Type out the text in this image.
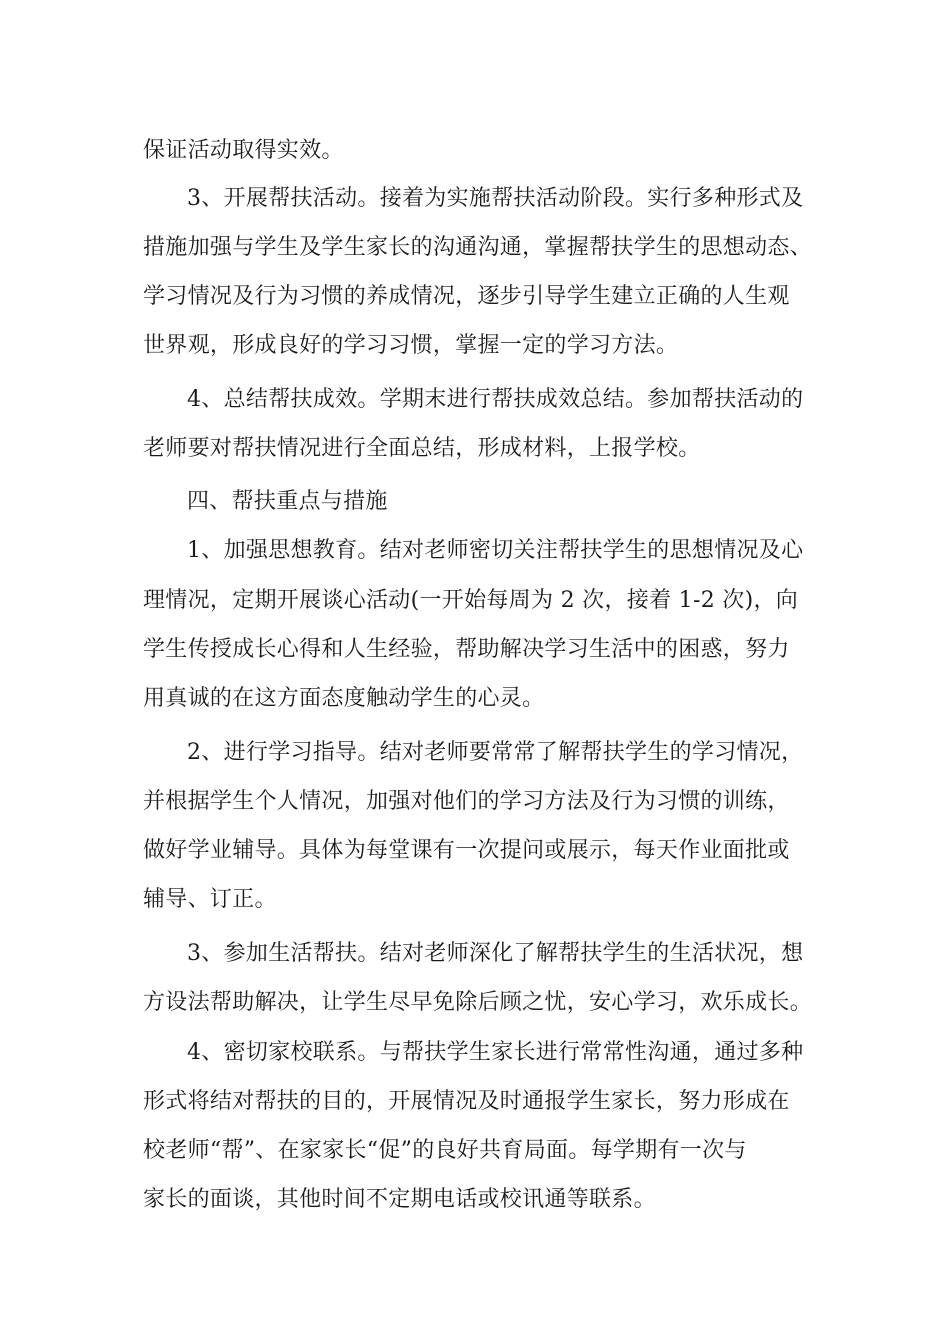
保证活动取得实效。
3、开展帮扶活动。接着为实施帮扶活动阶段。实行多种形式及
措施加强与学生及学生家长的沟通沟通，掌握帮扶学生的思想动态、
学习情况及行为习惯的养成情况，逐步引导学生建立正确的人生观
世界观，形成良好的学习习惯，掌握一定的学习方法。
4、总结帮扶成效。学期末进行帮扶成效总结。参加帮扶活动的
老师要对帮扶情况进行全面总结，形成材料，上报学校。
四、帮扶重点与措施
1、加强思想教育。结对老师密切关注帮扶学生的思想情况及心
理情况，定期开展谈心活动(一开始每周为 2 次，接着 1-2 次)，向
学生传授成长心得和人生经验，帮助解决学习生活中的困惑，努力
用真诚的在这方面态度触动学生的心灵。
2、进行学习指导。结对老师要常常了解帮扶学生的学习情况，
并根据学生个人情况，加强对他们的学习方法及行为习惯的训练，
做好学业辅导。具体为每堂课有一次提问或展示，每天作业面批或
辅导、订正。
3、参加生活帮扶。结对老师深化了解帮扶学生的生活状况，想
方设法帮助解决，让学生尽早免除后顾之忧，安心学习，欢乐成长。
4、密切家校联系。与帮扶学生家长进行常常性沟通，通过多种
形式将结对帮扶的目的，开展情况及时通报学生家长，努力形成在
校老师“帮”、在家家长“促”的良好共育局面。每学期有一次与
家长的面谈，其他时间不定期电话或校讯通等联系。
